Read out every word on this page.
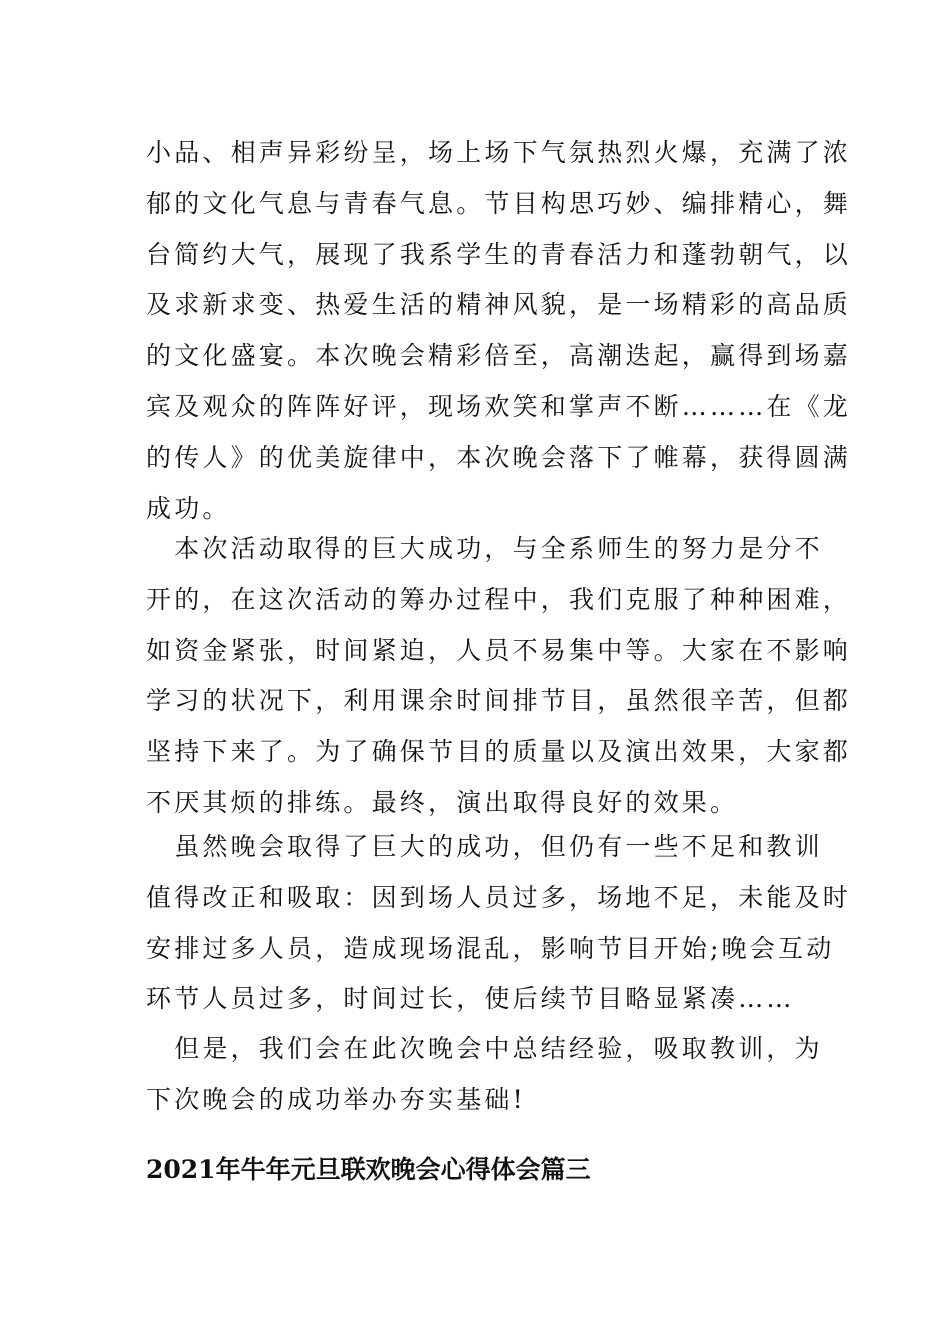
小品、相声异彩纷呈，场上场下气氛热烈火爆，充满了浓
郁的文化气息与青春气息。节目构思巧妙、编排精心，舞
台简约大气，展现了我系学生的青春活力和蓬勃朝气，以
及求新求变、热爱生活的精神风貌，是一场精彩的高品质
的文化盛宴。本次晚会精彩倍至，高潮迭起，赢得到场嘉
宾及观众的阵阵好评，现场欢笑和掌声不断………在《龙
的传人》的优美旋律中，本次晚会落下了帷幕，获得圆满
成功。
　本次活动取得的巨大成功，与全系师生的努力是分不
开的，在这次活动的筹办过程中，我们克服了种种困难，
如资金紧张，时间紧迫，人员不易集中等。大家在不影响
学习的状况下，利用课余时间排节目，虽然很辛苦，但都
坚持下来了。为了确保节目的质量以及演出效果，大家都
不厌其烦的排练。最终，演出取得良好的效果。
　虽然晚会取得了巨大的成功，但仍有一些不足和教训
值得改正和吸取：因到场人员过多，场地不足，未能及时
安排过多人员，造成现场混乱，影响节目开始;晚会互动
环节人员过多，时间过长，使后续节目略显紧凑……
　但是，我们会在此次晚会中总结经验，吸取教训，为
下次晚会的成功举办夯实基础!
2021年牛年元旦联欢晚会心得体会篇三
